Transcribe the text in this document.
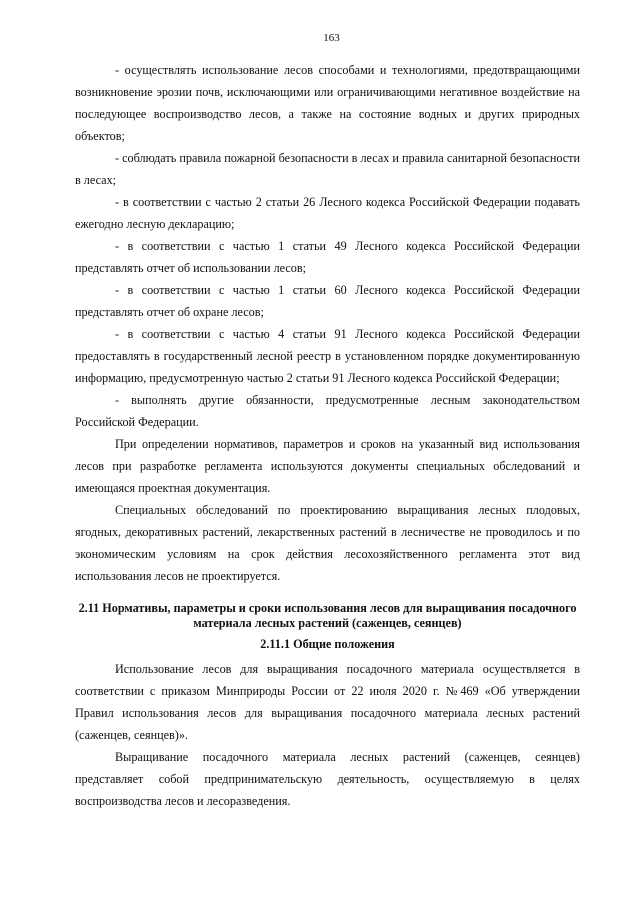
163

- осуществлять использование лесов способами и технологиями, предотвращающими возникновение эрозии почв, исключающими или ограничивающими негативное воздействие на последующее воспроизводство лесов, а также на состояние водных и других природных объектов;

- соблюдать правила пожарной безопасности в лесах и правила санитарной безопасности в лесах;

- в соответствии с частью 2 статьи 26 Лесного кодекса Российской Федерации подавать ежегодно лесную декларацию;

- в соответствии с частью 1 статьи 49 Лесного кодекса Российской Федерации представлять отчет об использовании лесов;

- в соответствии с частью 1 статьи 60 Лесного кодекса Российской Федерации представлять отчет об охране лесов;

- в соответствии с частью 4 статьи 91 Лесного кодекса Российской Федерации предоставлять в государственный лесной реестр в установленном порядке документированную информацию, предусмотренную частью 2 статьи 91 Лесного кодекса Российской Федерации;

- выполнять другие обязанности, предусмотренные лесным законодательством Российской Федерации.

При определении нормативов, параметров и сроков на указанный вид использования лесов при разработке регламента используются документы специальных обследований и имеющаяся проектная документация.

Специальных обследований по проектированию выращивания лесных плодовых, ягодных, декоративных растений, лекарственных растений в лесничестве не проводилось и по экономическим условиям на срок действия лесохозяйственного регламента этот вид использования лесов не проектируется.

2.11 Нормативы, параметры и сроки использования лесов для выращивания посадочного материала лесных растений (саженцев, сеянцев)
2.11.1 Общие положения

Использование лесов для выращивания посадочного материала осуществляется в соответствии с приказом Минприроды России от 22 июля 2020 г. №469 «Об утверждении Правил использования лесов для выращивания посадочного материала лесных растений (саженцев, сеянцев)».

Выращивание посадочного материала лесных растений (саженцев, сеянцев) представляет собой предпринимательскую деятельность, осуществляемую в целях воспроизводства лесов и лесоразведения.
